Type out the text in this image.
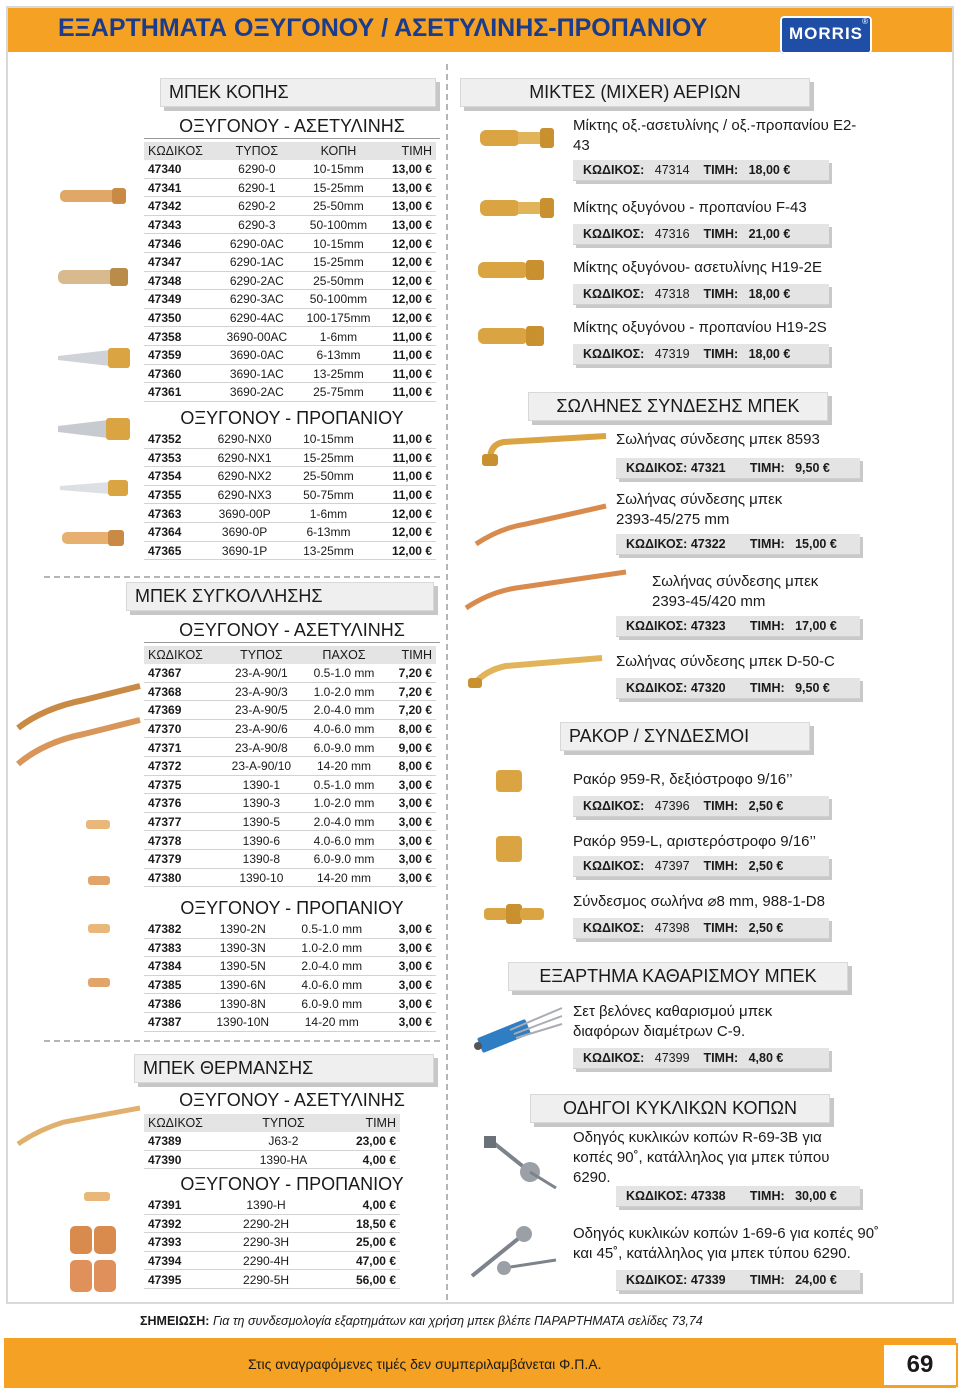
ΕΞΑΡΤΗΜΑΤΑ ΟΞΥΓΟΝΟΥ / ΑΣΕΤΥΛΙΝΗΣ-ΠΡΟΠΑΝΙΟΥ	MORRIS
®
ΜΠΕΚ ΚΟΠΗΣ
ΟΞΥΓΟΝΟΥ - ΑΣΕΤΥΛΙΝΗΣ
ΚΩΔΙΚΟΣ	ΤΥΠΟΣ	ΚΟΠΗ	ΤΙΜΗ
47340	6290-0	10-15mm	13,00 €
47341	6290-1	15-25mm	13,00 €
47342	6290-2	25-50mm	13,00 €
47343	6290-3	50-100mm	13,00 €
47346	6290-0AC	10-15mm	12,00 €
47347	6290-1AC	15-25mm	12,00 €
47348	6290-2AC	25-50mm	12,00 €
47349	6290-3AC	50-100mm	12,00 €
47350	6290-4AC	100-175mm	12,00 €
47358	3690-00AC	1-6mm	11,00 €
47359	3690-0AC	6-13mm	11,00 €
47360	3690-1AC	13-25mm	11,00 €
47361	3690-2AC	25-75mm	11,00 €
ΟΞΥΓΟΝΟΥ - ΠΡΟΠΑΝΙΟΥ
47352	6290-NX0	10-15mm	11,00 €
47353	6290-NX1	15-25mm	11,00 €
47354	6290-NX2	25-50mm	11,00 €
47355	6290-NX3	50-75mm	11,00 €
47363	3690-00P	1-6mm	12,00 €
47364	3690-0P	6-13mm	12,00 €
47365	3690-1P	13-25mm	12,00 €
ΜΠΕΚ ΣΥΓΚΟΛΛΗΣΗΣ
ΟΞΥΓΟΝΟΥ - ΑΣΕΤΥΛΙΝΗΣ
ΚΩΔΙΚΟΣ	ΤΥΠΟΣ	ΠΑΧΟΣ	ΤΙΜΗ
47367	23-A-90/1	0.5-1.0 mm	7,20 €
47368	23-A-90/3	1.0-2.0 mm	7,20 €
47369	23-A-90/5	2.0-4.0 mm	7,20 €
47370	23-A-90/6	4.0-6.0 mm	8,00 €
47371	23-A-90/8	6.0-9.0 mm	9,00 €
47372	23-A-90/10	14-20 mm	8,00 €
47375	1390-1	0.5-1.0 mm	3,00 €
47376	1390-3	1.0-2.0 mm	3,00 €
47377	1390-5	2.0-4.0 mm	3,00 €
47378	1390-6	4.0-6.0 mm	3,00 €
47379	1390-8	6.0-9.0 mm	3,00 €
47380	1390-10	14-20 mm	3,00 €
ΟΞΥΓΟΝΟΥ - ΠΡΟΠΑΝΙΟΥ
47382	1390-2N	0.5-1.0 mm	3,00 €
47383	1390-3N	1.0-2.0 mm	3,00 €
47384	1390-5N	2.0-4.0 mm	3,00 €
47385	1390-6N	4.0-6.0 mm	3,00 €
47386	1390-8N	6.0-9.0 mm	3,00 €
47387	1390-10N	14-20 mm	3,00 €
ΜΠΕΚ ΘΕΡΜΑΝΣΗΣ
ΟΞΥΓΟΝΟΥ - ΑΣΕΤΥΛΙΝΗΣ
ΚΩΔΙΚΟΣ	ΤΥΠΟΣ	ΤΙΜΗ
47389	J63-2	23,00 €
47390	1390-HA	4,00 €
ΟΞΥΓΟΝΟΥ - ΠΡΟΠΑΝΙΟΥ
47391	1390-H	4,00 €
47392	2290-2H	18,50 €
47393	2290-3H	25,00 €
47394	2290-4H	47,00 €
47395	2290-5H	56,00 €
ΜΙΚΤΕΣ (MIXER) ΑΕΡΙΩΝ
Μίκτης οξ.-ασετυλίνης / οξ.-προπανίου Ε2-43
ΚΩΔΙΚΟΣ: 47314 ΤΙΜΗ: 18,00 €
Μίκτης οξυγόνου - προπανίου F-43
ΚΩΔΙΚΟΣ: 47316 ΤΙΜΗ: 21,00 €
Μίκτης οξυγόνου- ασετυλίνης H19-2E
ΚΩΔΙΚΟΣ: 47318 ΤΙΜΗ: 18,00 €
Μίκτης οξυγόνου - προπανίου H19-2S
ΚΩΔΙΚΟΣ: 47319 ΤΙΜΗ: 18,00 €
ΣΩΛΗΝΕΣ ΣΥΝΔΕΣΗΣ ΜΠΕΚ
Σωλήνας σύνδεσης μπεκ 8593
ΚΩΔΙΚΟΣ: 47321 ΤΙΜΗ: 9,50 €
Σωλήνας σύνδεσης μπεκ 2393-45/275 mm
ΚΩΔΙΚΟΣ: 47322 ΤΙΜΗ: 15,00 €
Σωλήνας σύνδεσης μπεκ 2393-45/420 mm
ΚΩΔΙΚΟΣ: 47323 ΤΙΜΗ: 17,00 €
Σωλήνας σύνδεσης μπεκ D-50-C
ΚΩΔΙΚΟΣ: 47320 ΤΙΜΗ: 9,50 €
ΡΑΚΟΡ / ΣΥΝΔΕΣΜΟΙ
Ρακόρ 959-R, δεξιόστροφο 9/16’’
ΚΩΔΙΚΟΣ: 47396 ΤΙΜΗ: 2,50 €
Ρακόρ 959-L, αριστερόστροφο 9/16’’
ΚΩΔΙΚΟΣ: 47397 ΤΙΜΗ: 2,50 €
Σύνδεσμος σωλήνα ⌀8 mm, 988-1-D8
ΚΩΔΙΚΟΣ: 47398 ΤΙΜΗ: 2,50 €
ΕΞΑΡΤΗΜΑ ΚΑΘΑΡΙΣΜΟΥ ΜΠΕΚ
Σετ βελόνες καθαρισμού μπεκ διαφόρων διαμέτρων C-9.
ΚΩΔΙΚΟΣ: 47399 ΤΙΜΗ: 4,80 €
ΟΔΗΓΟΙ ΚΥΚΛΙΚΩΝ ΚΟΠΩΝ
Οδηγός κυκλικών κοπών R-69-3B για κοπές 90˚, κατάλληλος για μπεκ τύπου 6290.
ΚΩΔΙΚΟΣ: 47338 ΤΙΜΗ: 30,00 €
Οδηγός κυκλικών κοπών 1-69-6 για κοπές 90˚ και 45˚, κατάλληλος για μπεκ τύπου 6290.
ΚΩΔΙΚΟΣ: 47339 ΤΙΜΗ: 24,00 €
ΣΗΜΕΙΩΣΗ: Για τη συνδεσμολογία εξαρτημάτων και χρήση μπεκ βλέπε ΠΑΡΑΡΤΗΜΑΤΑ σελίδες 73,74
Στις αναγραφόμενες τιμές δεν συμπεριλαμβάνεται Φ.Π.Α.	69
